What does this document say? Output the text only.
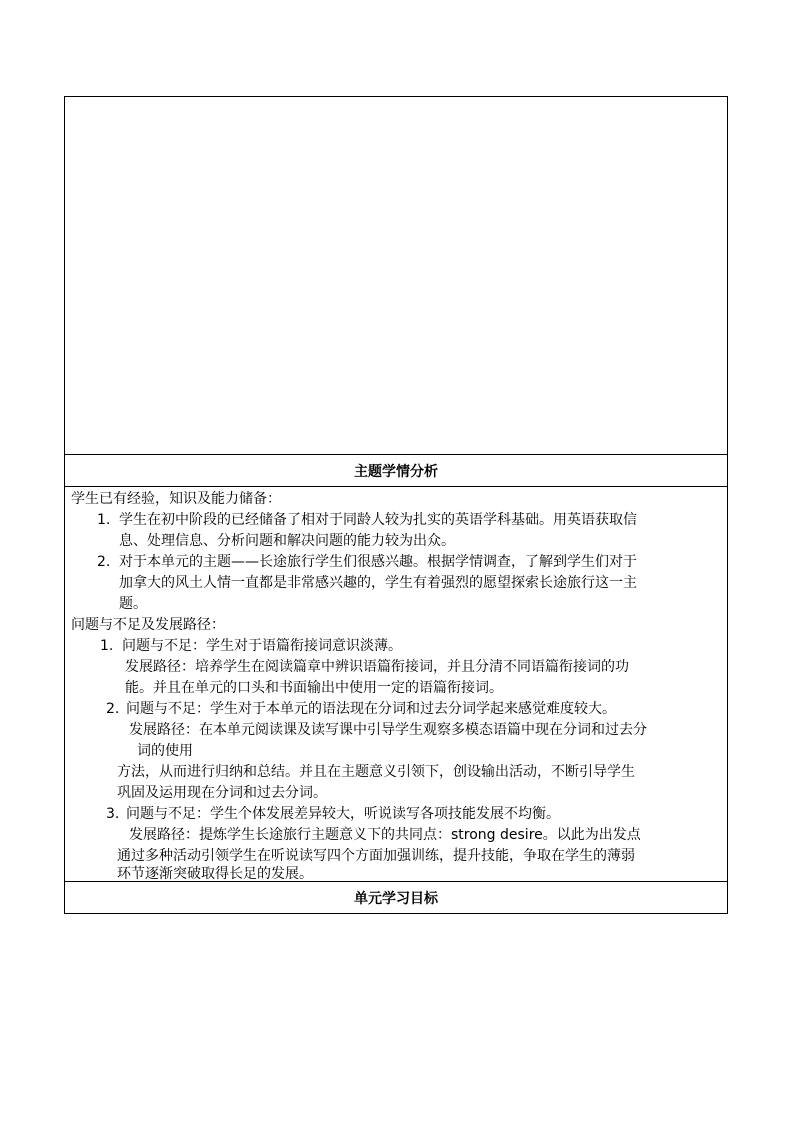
主题学情分析
学生已有经验，知识及能力储备：
1. 学生在初中阶段的已经储备了相对于同龄人较为扎实的英语学科基础。用英语获取信
息、处理信息、分析问题和解决问题的能力较为出众。
2. 对于本单元的主题——长途旅行学生们很感兴趣。根据学情调查，了解到学生们对于
加拿大的风土人情一直都是非常感兴趣的，学生有着强烈的愿望探索长途旅行这一主
题。
问题与不足及发展路径：
1. 问题与不足：学生对于语篇衔接词意识淡薄。
发展路径：培养学生在阅读篇章中辨识语篇衔接词，并且分清不同语篇衔接词的功
能。并且在单元的口头和书面输出中使用一定的语篇衔接词。
2. 问题与不足：学生对于本单元的语法现在分词和过去分词学起来感觉难度较大。
发展路径：在本单元阅读课及读写课中引导学生观察多模态语篇中现在分词和过去分
词的使用
方法，从而进行归纳和总结。并且在主题意义引领下，创设输出活动，不断引导学生
巩固及运用现在分词和过去分词。
3. 问题与不足：学生个体发展差异较大，听说读写各项技能发展不均衡。
发展路径：提炼学生长途旅行主题意义下的共同点：strong desire。以此为出发点
通过多种活动引领学生在听说读写四个方面加强训练，提升技能，争取在学生的薄弱
环节逐渐突破取得长足的发展。
单元学习目标
